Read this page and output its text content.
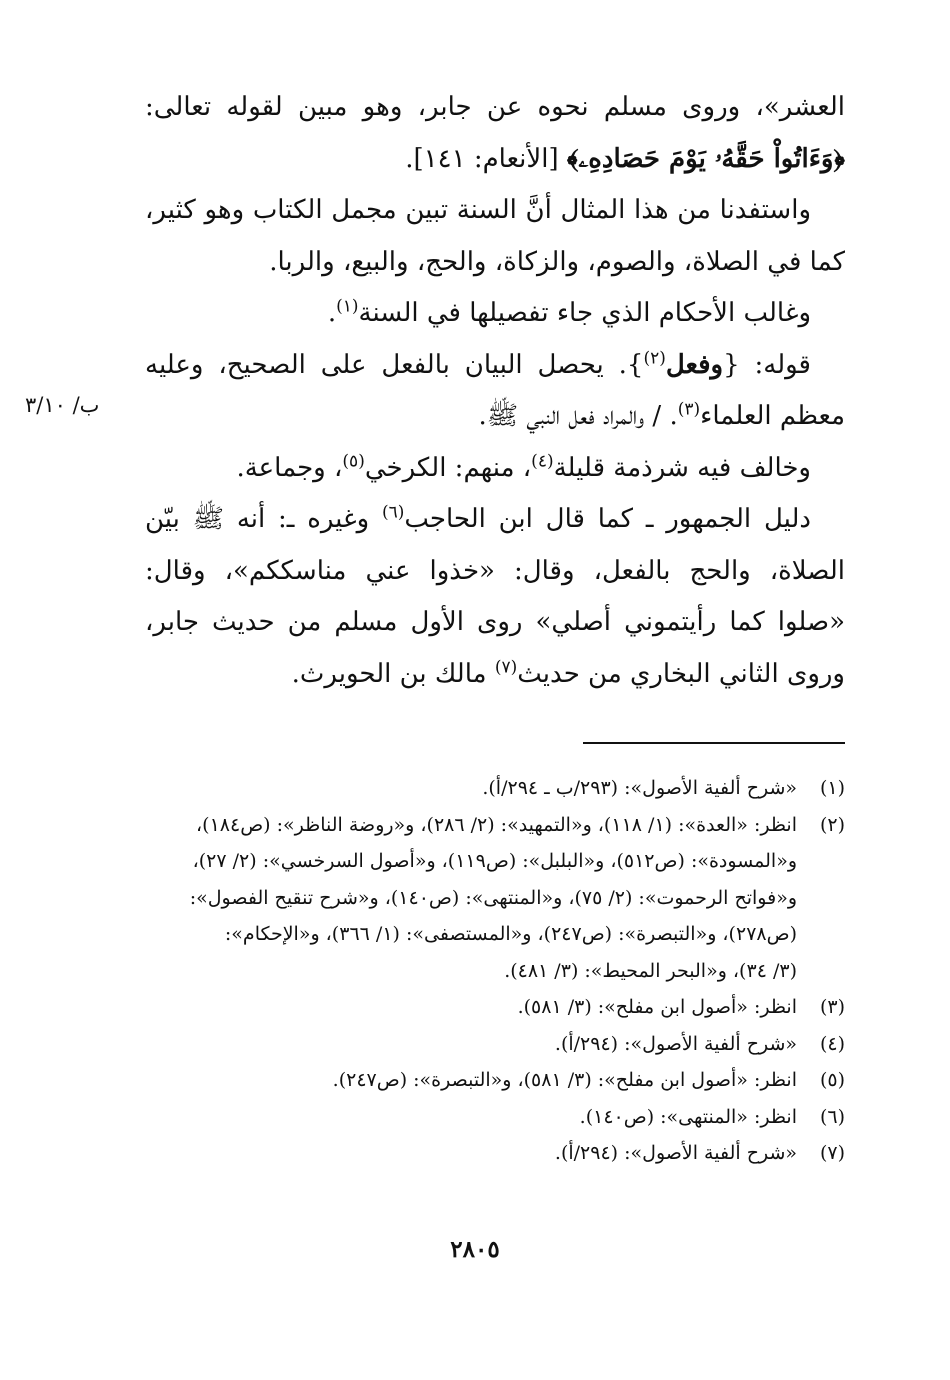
العشر»، وروى مسلم نحوه عن جابر، وهو مبين لقوله تعالى: ﴿وَءَاتُواْ حَقَّهُۥ يَوْمَ حَصَادِهِۦ﴾ [الأنعام: ١٤١].

واستفدنا من هذا المثال أنَّ السنة تبين مجمل الكتاب وهو كثير، كما في الصلاة، والصوم، والزكاة، والحج، والبيع، والربا.

وغالب الأحكام الذي جاء تفصيلها في السنة$^{(١)}$.

قوله: {وفعل$^{(٢)}$}. يحصل البيان بالفعل على الصحيح، وعليه معظم العلماء$^{(٣)}$. / والمراد فعل النبي ﷺ.

وخالف فيه شرذمة قليلة$^{(٤)}$، منهم: الكرخي$^{(٥)}$، وجماعة.

دليل الجمهور ـ كما قال ابن الحاجب$^{(٦)}$ وغيره ـ: أنه ﷺ بيّن الصلاة، والحج بالفعل، وقال: «خذوا عني مناسككم»، وقال: «صلوا كما رأيتموني أصلي» روى الأول مسلم من حديث جابر، وروى الثاني البخاري من حديث$^{(٧)}$ مالك بن الحويرث.

ب/ ٣/١٠
(١)
«شرح ألفية الأصول»: (٢٩٣/ب ـ ٢٩٤/أ).
(٢)
انظر: «العدة»: (١/ ١١٨)، و«التمهيد»: (٢/ ٢٨٦)، و«روضة الناظر»: (ص١٨٤)،
و«المسودة»: (ص٥١٢)، و«البلبل»: (ص١١٩)، و«أصول السرخسي»: (٢/ ٢٧)،
و«فواتح الرحموت»: (٢/ ٧٥)، و«المنتهى»: (ص١٤٠)، و«شرح تنقيح الفصول»:
(ص٢٧٨)، و«التبصرة»: (ص٢٤٧)، و«المستصفى»: (١/ ٣٦٦)، و«الإحكام»:
(٣/ ٣٤)، و«البحر المحيط»: (٣/ ٤٨١).
(٣)
انظر: «أصول ابن مفلح»: (٣/ ٥٨١).
(٤)
«شرح ألفية الأصول»: (٢٩٤/أ).
(٥)
انظر: «أصول ابن مفلح»: (٣/ ٥٨١)، و«التبصرة»: (ص٢٤٧).
(٦)
انظر: «المنتهى»: (ص١٤٠).
(٧)
«شرح ألفية الأصول»: (٢٩٤/أ).
٢٨٠٥
